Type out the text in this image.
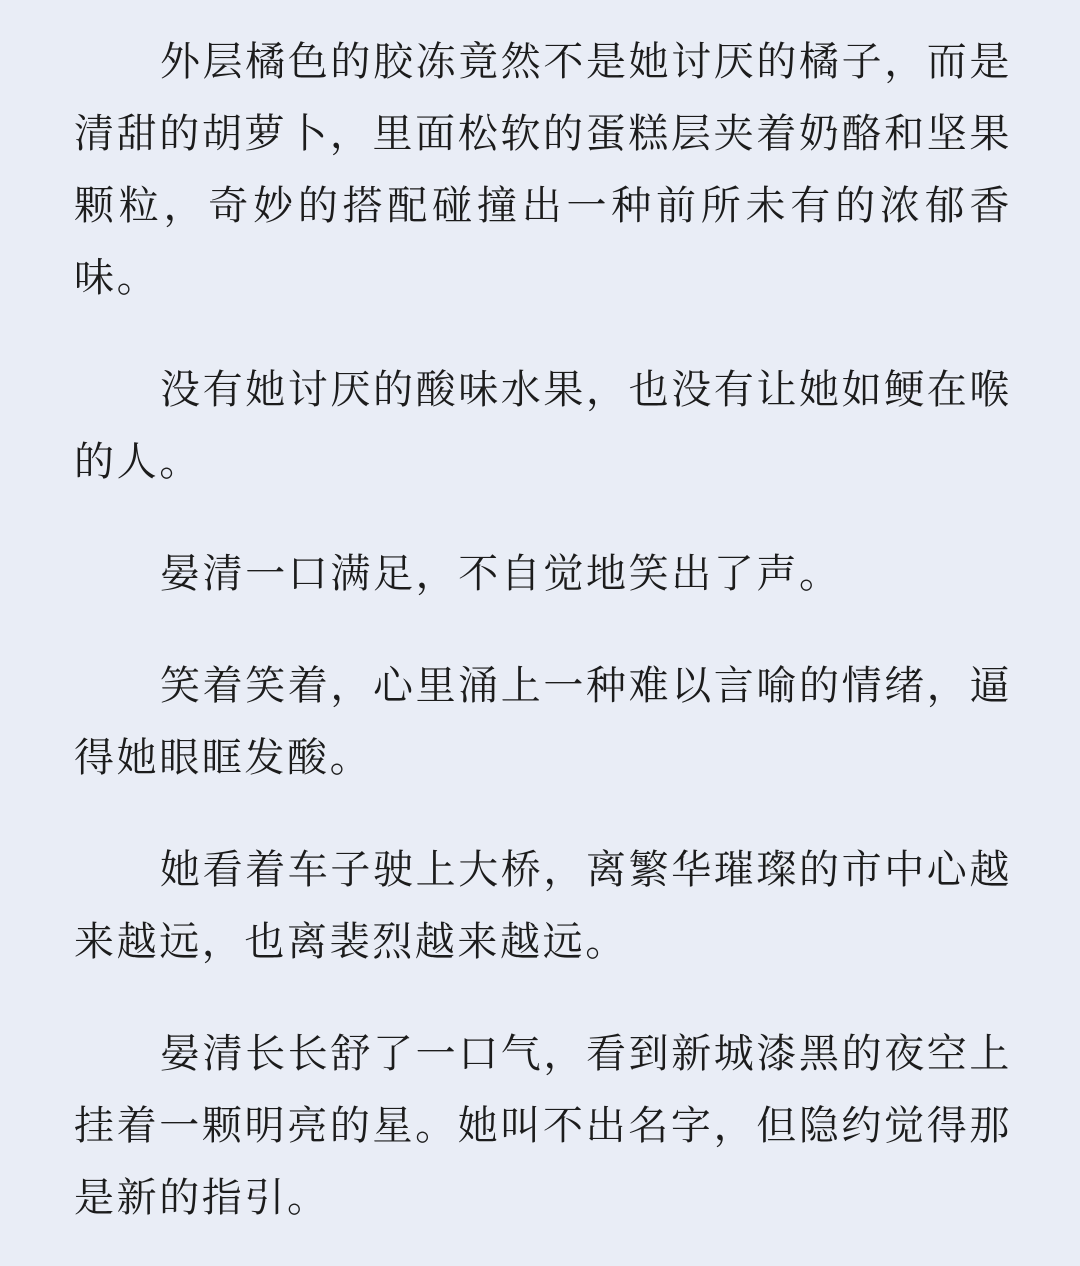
外层橘色的胶冻竟然不是她讨厌的橘子，而是清甜的胡萝卜，里面松软的蛋糕层夹着奶酪和坚果颗粒，奇妙的搭配碰撞出一种前所未有的浓郁香味。

没有她讨厌的酸味水果，也没有让她如鲠在喉的人。

晏清一口满足，不自觉地笑出了声。

笑着笑着，心里涌上一种难以言喻的情绪，逼得她眼眶发酸。

她看着车子驶上大桥，离繁华璀璨的市中心越来越远，也离裴烈越来越远。

晏清长长舒了一口气，看到新城漆黑的夜空上挂着一颗明亮的星。她叫不出名字，但隐约觉得那是新的指引。
